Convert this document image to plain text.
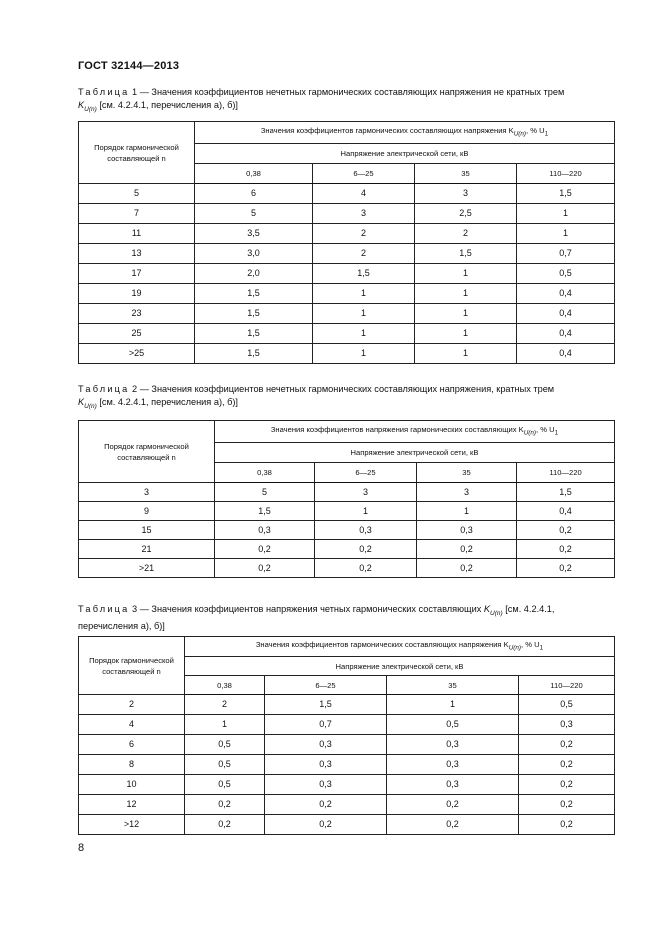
ГОСТ 32144—2013
Таблица 1 — Значения коэффициентов нечетных гармонических составляющих напряжения не кратных трем
$K_{U(n)}$ [см. 4.2.4.1, перечисления а), б)]
Порядок гармонической составляющей n	Значения коэффициентов гармонических составляющих напряжения $K_{U(n)}$, % $U_1$
	Напряжение электрической сети, кВ			
	0,38	6—25	35	110—220
5	6	4	3	1,5
7	5	3	2,5	1
11	3,5	2	2	1
13	3,0	2	1,5	0,7
17	2,0	1,5	1	0,5
19	1,5	1	1	0,4
23	1,5	1	1	0,4
25	1,5	1	1	0,4
>25	1,5	1	1	0,4
Таблица 2 — Значения коэффициентов нечетных гармонических составляющих напряжения, кратных трем
$K_{U(n)}$ [см. 4.2.4.1, перечисления а), б)]
Порядок гармонической составляющей n	Значения коэффициентов напряжения гармонических составляющих $K_{U(n)}$, % $U_1$
	Напряжение электрической сети, кВ			
	0,38	6—25	35	110—220
3	5	3	3	1,5
9	1,5	1	1	0,4
15	0,3	0,3	0,3	0,2
21	0,2	0,2	0,2	0,2
>21	0,2	0,2	0,2	0,2
Таблица 3 — Значения коэффициентов напряжения четных гармонических составляющих $K_{U(n)}$ [см. 4.2.4.1,
перечисления а), б)]
Порядок гармонической составляющей n	Значения коэффициентов гармонических составляющих напряжения $K_{U(n)}$, % $U_1$
	Напряжение электрической сети, кВ			
	0,38	6—25	35	110—220
2	2	1,5	1	0,5
4	1	0,7	0,5	0,3
6	0,5	0,3	0,3	0,2
8	0,5	0,3	0,3	0,2
10	0,5	0,3	0,3	0,2
12	0,2	0,2	0,2	0,2
>12	0,2	0,2	0,2	0,2
8
